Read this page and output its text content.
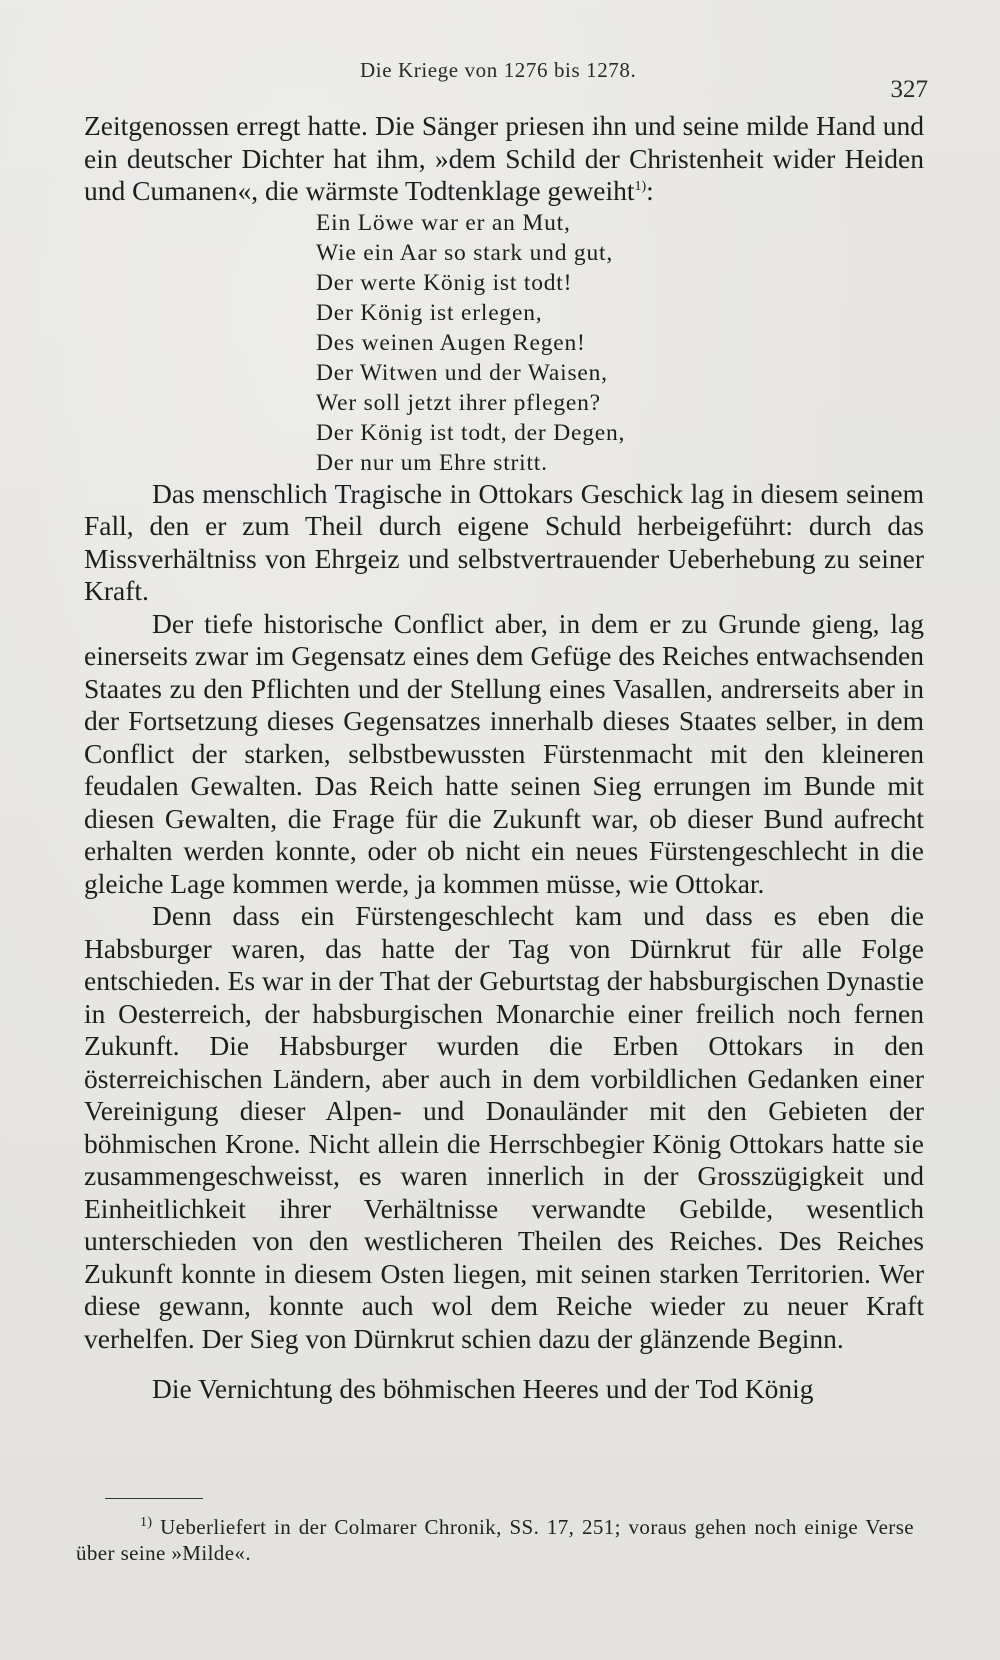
Die Kriege von 1276 bis 1278.
327

Zeitgenossen erregt hatte. Die Sänger priesen ihn und seine milde Hand und ein deutscher Dichter hat ihm, »dem Schild der Christenheit wider Heiden und Cumanen«, die wärmste Todtenklage geweiht$^{1)}$:

Ein Löwe war er an Mut,
Wie ein Aar so stark und gut,
Der werte König ist todt!
Der König ist erlegen,
Des weinen Augen Regen!
Der Witwen und der Waisen,
Wer soll jetzt ihrer pflegen?
Der König ist todt, der Degen,
Der nur um Ehre stritt.

Das menschlich Tragische in Ottokars Geschick lag in diesem seinem Fall, den er zum Theil durch eigene Schuld herbeigeführt: durch das Missverhältniss von Ehrgeiz und selbstvertrauender Ueberhebung zu seiner Kraft.

Der tiefe historische Conflict aber, in dem er zu Grunde gieng, lag einerseits zwar im Gegensatz eines dem Gefüge des Reiches entwachsenden Staates zu den Pflichten und der Stellung eines Vasallen, andrerseits aber in der Fortsetzung dieses Gegensatzes innerhalb dieses Staates selber, in dem Conflict der starken, selbstbewussten Fürstenmacht mit den kleineren feudalen Gewalten. Das Reich hatte seinen Sieg errungen im Bunde mit diesen Gewalten, die Frage für die Zukunft war, ob dieser Bund aufrecht erhalten werden konnte, oder ob nicht ein neues Fürstengeschlecht in die gleiche Lage kommen werde, ja kommen müsse, wie Ottokar.

Denn dass ein Fürstengeschlecht kam und dass es eben die Habsburger waren, das hatte der Tag von Dürnkrut für alle Folge entschieden. Es war in der That der Geburtstag der habsburgischen Dynastie in Oesterreich, der habsburgischen Monarchie einer freilich noch fernen Zukunft. Die Habsburger wurden die Erben Ottokars in den österreichischen Ländern, aber auch in dem vorbildlichen Gedanken einer Vereinigung dieser Alpen- und Donauländer mit den Gebieten der böhmischen Krone. Nicht allein die Herrschbegier König Ottokars hatte sie zusammengeschweisst, es waren innerlich in der Grosszügigkeit und Einheitlichkeit ihrer Verhältnisse verwandte Gebilde, wesentlich unterschieden von den westlicheren Theilen des Reiches. Des Reiches Zukunft konnte in diesem Osten liegen, mit seinen starken Territorien. Wer diese gewann, konnte auch wol dem Reiche wieder zu neuer Kraft verhelfen. Der Sieg von Dürnkrut schien dazu der glänzende Beginn.

Die Vernichtung des böhmischen Heeres und der Tod König

$^{1)}$ Ueberliefert in der Colmarer Chronik, SS. 17, 251; voraus gehen noch einige Verse über seine »Milde«.
